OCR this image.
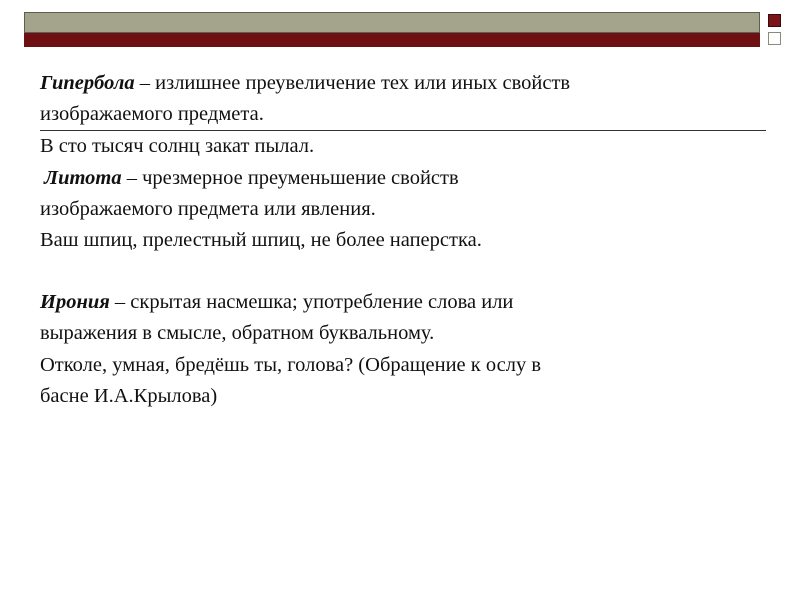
Гипербола – излишнее преувеличение тех или иных свойств

изображаемого предмета.

В сто тысяч солнц закат пылал.

Литота – чрезмерное преуменьшение свойств

изображаемого предмета или явления.

Ваш шпиц, прелестный шпиц, не более наперстка.

Ирония – скрытая насмешка; употребление слова или

выражения в смысле, обратном буквальному.

Отколе, умная, бредёшь ты, голова? (Обращение к ослу в

басне И.А.Крылова)
